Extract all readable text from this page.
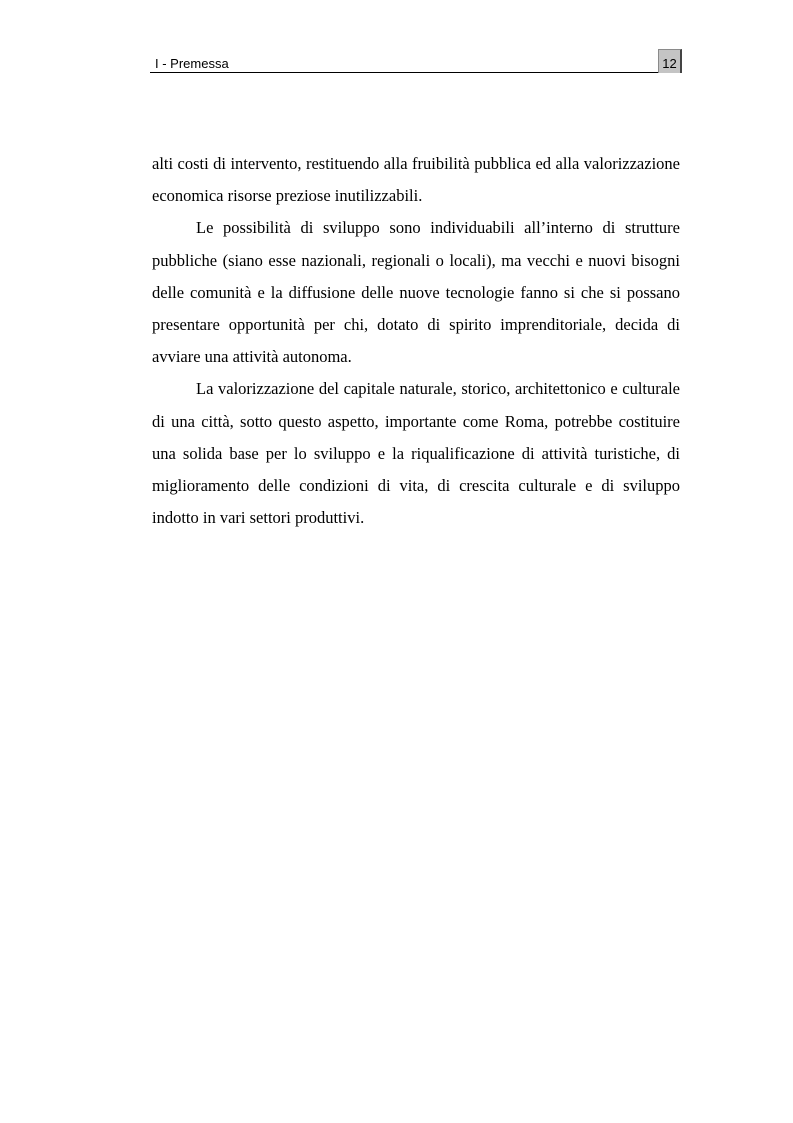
I - Premessa	12

alti costi di intervento, restituendo alla fruibilità pubblica ed alla valorizzazione economica risorse preziose inutilizzabili.

Le possibilità di sviluppo sono individuabili all’interno di strutture pubbliche (siano esse nazionali, regionali o locali), ma vecchi e nuovi bisogni delle comunità e la diffusione delle nuove tecnologie fanno si che si possano presentare opportunità per chi, dotato di spirito imprenditoriale, decida di avviare una attività autonoma.

La valorizzazione del capitale naturale, storico, architettonico e culturale di una città, sotto questo aspetto, importante come Roma, potrebbe costituire una solida base per lo sviluppo e la riqualificazione di attività turistiche, di miglioramento delle condizioni di vita, di crescita culturale e di sviluppo indotto in vari settori produttivi.
